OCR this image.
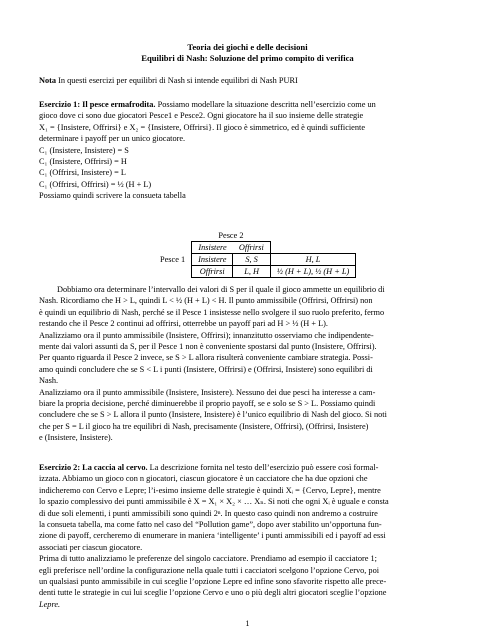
Teoria dei giochi e delle decisioni
Equilibri di Nash: Soluzione del primo compito di verifica
Nota In questi esercizi per equilibri di Nash si intende equilibri di Nash PURI
Esercizio 1: Il pesce ermafrodita. Possiamo modellare la situazione descritta nell’esercizio come un
gioco dove ci sono due giocatori Pesce1 e Pesce2. Ogni giocatore ha il suo insieme delle strategie
X₁ = {Insistere, Offrirsi} e X₂ = {Insistere, Offrirsi}. Il gioco è simmetrico, ed è quindi sufficiente
determinare i payoff per un unico giocatore.
C₁ (Insistere, Insistere) = S
C₁ (Insistere, Offrirsi) = H
C₁ (Offrirsi, Insistere) = L
C₁ (Offrirsi, Offrirsi) = ½ (H + L)
Possiamo quindi scrivere la consueta tabella
	Pesce 2		
	Insistere	Offrirsi	
Pesce 1	Insistere	S, S	H, L
	Offrirsi	L, H	½ (H + L), ½ (H + L)
Dobbiamo ora determinare l’intervallo dei valori di S per il quale il gioco ammette un equilibrio di
Nash. Ricordiamo che H > L, quindi L < ½ (H + L) < H. Il punto ammissibile (Offrirsi, Offrirsi) non
è quindi un equilibrio di Nash, perché se il Pesce 1 insistesse nello svolgere il suo ruolo preferito, fermo
restando che il Pesce 2 continui ad offrirsi, otterrebbe un payoff pari ad H > ½ (H + L).
Analizziamo ora il punto ammissibile (Insistere, Offrirsi); innanzitutto osserviamo che indipendente-
mente dai valori assunti da S, per il Pesce 1 non è conveniente spostarsi dal punto (Insistere, Offrirsi).
Per quanto riguarda il Pesce 2 invece, se S > L allora risulterà conveniente cambiare strategia. Possi-
amo quindi concludere che se S < L i punti (Insistere, Offrirsi) e (Offrirsi, Insistere) sono equilibri di
Nash.
Analizziamo ora il punto ammissibile (Insistere, Insistere). Nessuno dei due pesci ha interesse a cam-
biare la propria decisione, perché diminuerebbe il proprio payoff, se e solo se S > L. Possiamo quindi
concludere che se S > L allora il punto (Insistere, Insistere) è l’unico equilibrio di Nash del gioco. Si noti
che per S = L il gioco ha tre equilibri di Nash, precisamente (Insistere, Offrirsi), (Offrirsi, Insistere)
e (Insistere, Insistere).
Esercizio 2: La caccia al cervo. La descrizione fornita nel testo dell’esercizio può essere così formal-
izzata. Abbiamo un gioco con n giocatori, ciascun giocatore è un cacciatore che ha due opzioni che
indicheremo con Cervo e Lepre; l’i-esimo insieme delle strategie è quindi Xᵢ = {Cervo, Lepre}, mentre
lo spazio complessivo dei punti ammissibile è X = X₁ × X₂ × … Xₙ. Si noti che ogni Xᵢ è uguale e consta
di due soli elementi, i punti ammissibili sono quindi 2ⁿ. In questo caso quindi non andremo a costruire
la consueta tabella, ma come fatto nel caso del “Pollution game”, dopo aver stabilito un’opportuna fun-
zione di payoff, cercheremo di enumerare in maniera ‘intelligente’ i punti ammissibili ed i payoff ad essi
associati per ciascun giocatore.
Prima di tutto analizziamo le preferenze del singolo cacciatore. Prendiamo ad esempio il cacciatore 1;
egli preferisce nell’ordine la configurazione nella quale tutti i cacciatori scelgono l’opzione Cervo, poi
un qualsiasi punto ammissibile in cui sceglie l’opzione Lepre ed infine sono sfavorite rispetto alle prece-
denti tutte le strategie in cui lui sceglie l’opzione Cervo e uno o più degli altri giocatori sceglie l’opzione
Lepre.
1
